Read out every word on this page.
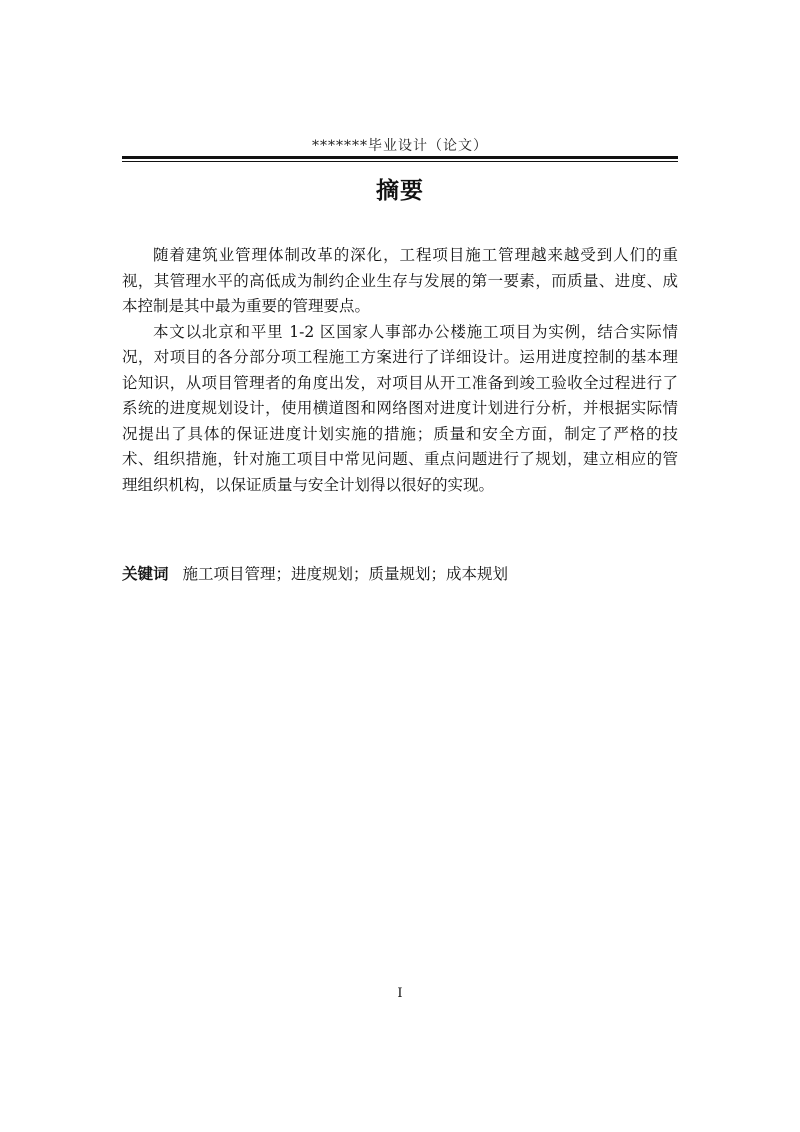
*******毕业设计（论文）
摘要

随着建筑业管理体制改革的深化，工程项目施工管理越来越受到人们的重视，其管理水平的高低成为制约企业生存与发展的第一要素，而质量、进度、成本控制是其中最为重要的管理要点。

本文以北京和平里 1-2 区国家人事部办公楼施工项目为实例，结合实际情况，对项目的各分部分项工程施工方案进行了详细设计。运用进度控制的基本理论知识，从项目管理者的角度出发，对项目从开工准备到竣工验收全过程进行了系统的进度规划设计，使用横道图和网络图对进度计划进行分析，并根据实际情况提出了具体的保证进度计划实施的措施；质量和安全方面，制定了严格的技术、组织措施，针对施工项目中常见问题、重点问题进行了规划，建立相应的管理组织机构，以保证质量与安全计划得以很好的实现。

关键词 施工项目管理；进度规划；质量规划；成本规划
I
